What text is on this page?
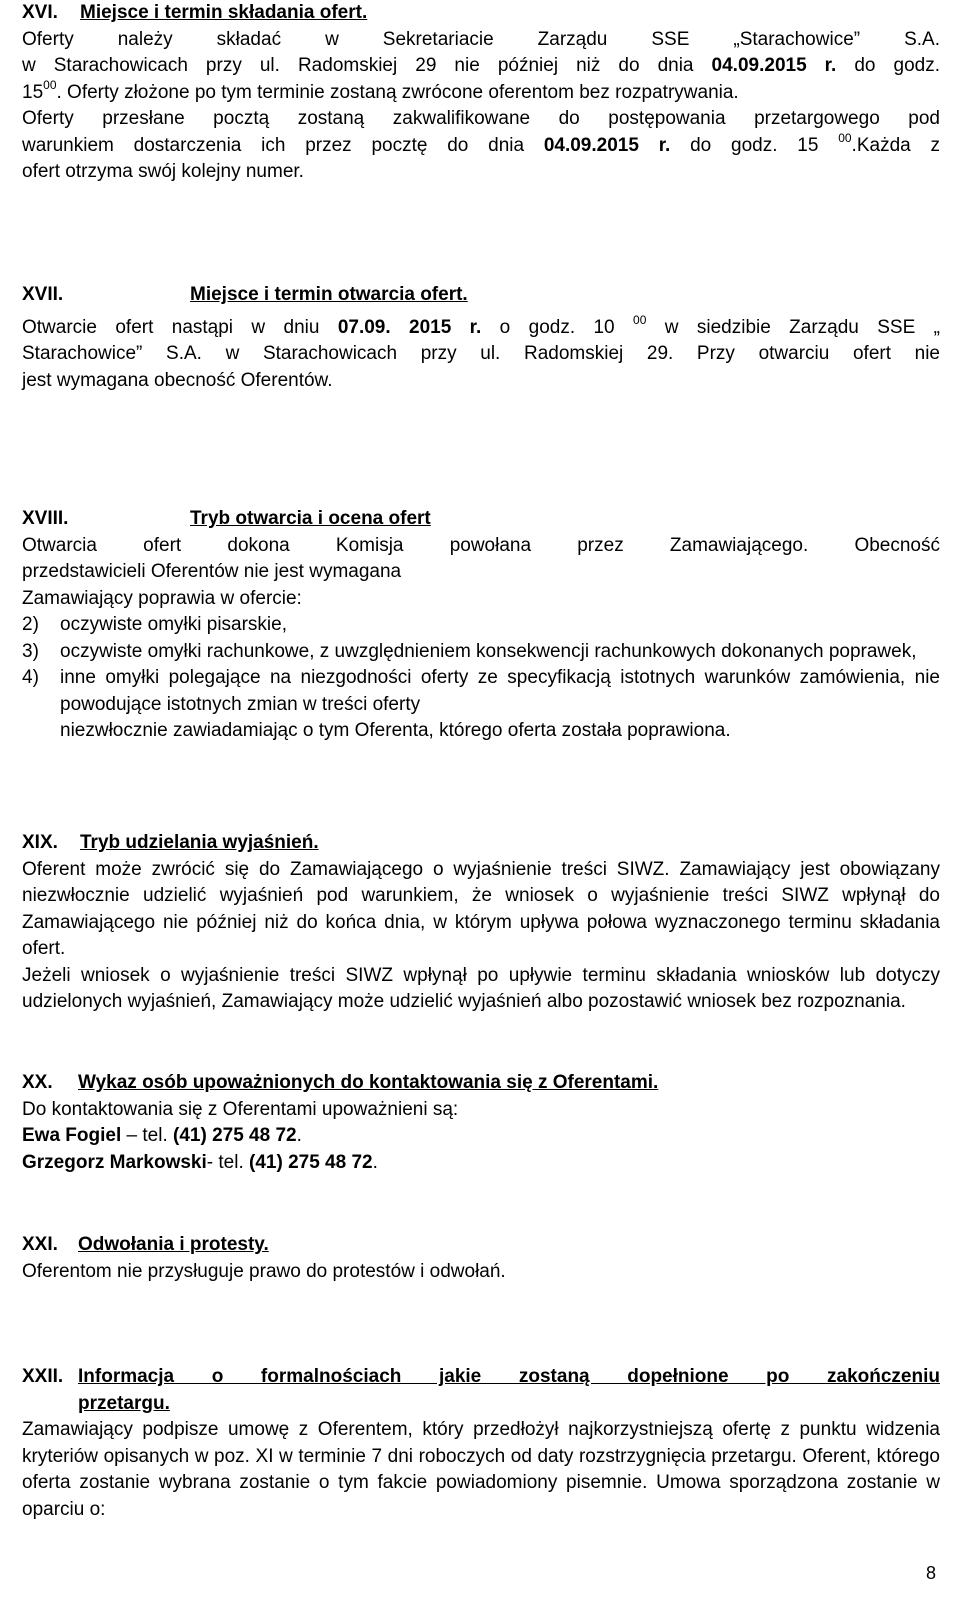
XVI.	Miejsce i termin składania ofert.

Oferty należy składać w Sekretariacie Zarządu SSE „Starachowice” S.A.

w Starachowicach przy ul. Radomskiej 29 nie później niż do dnia 04.09.2015 r. do godz.

$15^{00}$. Oferty złożone po tym terminie zostaną zwrócone oferentom bez rozpatrywania.

Oferty przesłane pocztą zostaną zakwalifikowane do postępowania przetargowego pod

warunkiem dostarczenia ich przez pocztę do dnia 04.09.2015 r. do godz. 15 $^{00}$.Każda z

ofert otrzyma swój kolejny numer.

XVII.	Miejsce i termin otwarcia ofert.

Otwarcie ofert nastąpi w dniu 07.09. 2015 r. o godz. 10 $^{00}$ w siedzibie Zarządu SSE „

Starachowice” S.A. w Starachowicach przy ul. Radomskiej 29. Przy otwarciu ofert nie

jest wymagana obecność Oferentów.

XVIII.	Tryb otwarcia i ocena ofert

Otwarcia ofert dokona Komisja powołana przez Zamawiającego. Obecność

przedstawicieli Oferentów nie jest wymagana

Zamawiający poprawia w ofercie:

2)	oczywiste omyłki pisarskie,
3)	oczywiste omyłki rachunkowe, z uwzględnieniem konsekwencji rachunkowych dokonanych poprawek,
4)	inne omyłki polegające na niezgodności oferty ze specyfikacją istotnych warunków zamówienia, nie powodujące istotnych zmian w treści oferty

niezwłocznie zawiadamiając o tym Oferenta, którego oferta została poprawiona.

XIX.	Tryb udzielania wyjaśnień.

Oferent może zwrócić się do Zamawiającego o wyjaśnienie treści SIWZ. Zamawiający jest obowiązany niezwłocznie udzielić wyjaśnień pod warunkiem, że wniosek o wyjaśnienie treści SIWZ wpłynął do Zamawiającego nie później niż do końca dnia, w którym upływa połowa wyznaczonego terminu składania ofert.

Jeżeli wniosek o wyjaśnienie treści SIWZ wpłynął po upływie terminu składania wniosków lub dotyczy udzielonych wyjaśnień, Zamawiający może udzielić wyjaśnień albo pozostawić wniosek bez rozpoznania.

XX.	Wykaz osób upoważnionych do kontaktowania się z Oferentami.

Do kontaktowania się z Oferentami upoważnieni są:

Ewa Fogiel – tel. (41) 275 48 72.

Grzegorz Markowski- tel. (41) 275 48 72.

XXI.	Odwołania i protesty.

Oferentom nie przysługuje prawo do protestów i odwołań.

XXII. Informacja o formalnościach jakie zostaną dopełnione po zakończeniu

przetargu.

Zamawiający podpisze umowę z Oferentem, który przedłożył najkorzystniejszą ofertę z punktu widzenia kryteriów opisanych w poz. XI w terminie 7 dni roboczych od daty rozstrzygnięcia przetargu. Oferent, którego oferta zostanie wybrana zostanie o tym fakcie powiadomiony pisemnie. Umowa sporządzona zostanie w oparciu o:

8
